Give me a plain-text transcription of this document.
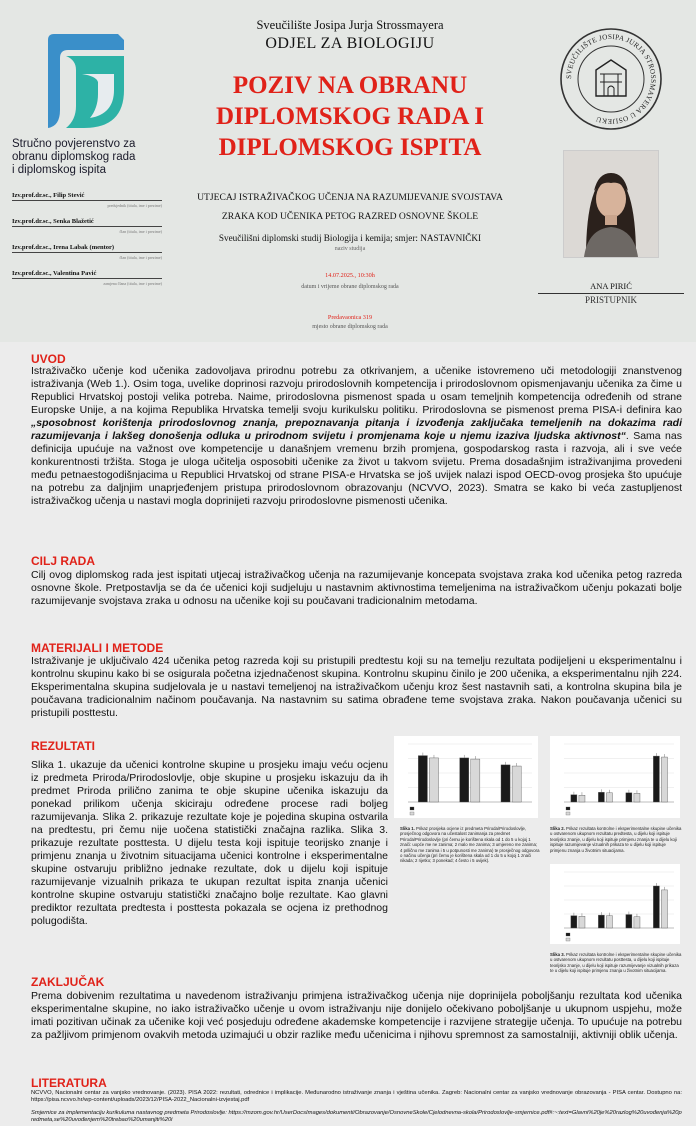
SVEUČILIŠTE JOSIPA JURJA STROSSMAYERA U OSIJEKU
Sveučilište Josipa Jurja Strossmayera
ODJEL ZA BIOLOGIJU
POZIV NA OBRANU
DIPLOMSKOG RADA I
DIPLOMSKOG ISPITA
Stručno povjerenstvo za
obranu diplomskog rada
i diplomskog ispita
Izv.prof.dr.sc., Filip Stević
predsjednik (titula, ime i prezime)
Izv.prof.dr.sc., Senka Blažetić
član (titula, ime i prezime)
Izv.prof.dr.sc., Irena Labak (mentor)
član (titula, ime i prezime)
Izv.prof.dr.sc., Valentina Pavić
zamjena člana (titula, ime i prezime)
UTJECAJ ISTRAŽIVAČKOG UČENJA NA RAZUMIJEVANJE SVOJSTAVA
ZRAKA KOD UČENIKA PETOG RAZRED OSNOVNE ŠKOLE
Sveučilišni diplomski studij Biologija i kemija; smjer: NASTAVNIČKI
naziv studija
14.07.2025., 10:30h
datum i vrijeme obrane diplomskog rada
Predavaonica 319
mjesto obrane diplomskog rada
ANA PIRIĆ
PRISTUPNIK
UVOD
Istraživačko učenje kod učenika zadovoljava prirodnu potrebu za otkrivanjem, a učenike istovremeno uči metodologiji znanstvenog istraživanja (Web 1.). Osim toga, uvelike doprinosi razvoju prirodoslovnih kompetencija i prirodoslovnom opismenjavanju učenika za čime u Republici Hrvatskoj postoji velika potreba. Naime, prirodoslovna pismenost spada u osam temeljnih kompetencija određenih od strane Europske Unije, a na kojima Republika Hrvatska temelji svoju kurikulsku politiku. Prirodoslovna se pismenost prema PISA-i definira kao „sposobnost korištenja prirodoslovnog znanja, prepoznavanja pitanja i izvođenja zaključaka temeljenih na dokazima radi razumijevanja i lakšeg donošenja odluka u prirodnom svijetu i promjenama koje u njemu izaziva ljudska aktivnost“. Sama nas definicija upućuje na važnost ove kompetencije u današnjem vremenu brzih promjena, gospodarskog rasta i razvoja, ali i sve veće konkurentnosti tržišta. Stoga je uloga učitelja osposobiti učenike za život u takvom svijetu. Prema dosadašnjim istraživanjima provedeni među petnaestogodišnjacima u Republici Hrvatskoj od strane PISA-e Hrvatska se još uvijek nalazi ispod OECD-ovog prosjeka što upućuje na potrebu za daljnjim unaprjeđenjem pristupa prirodoslovnom obrazovanju (NCVVO, 2023). Smatra se kako bi veća zastupljenost istraživačkog učenja u nastavi mogla doprinijeti razvoju prirodoslovne pismenosti učenika.
CILJ RADA
Cilj ovog diplomskog rada jest ispitati utjecaj istraživačkog učenja na razumijevanje koncepata svojstava zraka kod učenika petog razreda osnovne škole. Pretpostavlja se da će učenici koji sudjeluju u nastavnim aktivnostima temeljenima na istraživačkom učenju pokazati bolje razumijevanje svojstava zraka u odnosu na učenike koji su poučavani tradicionalnim metodama.
MATERIJALI I METODE
Istraživanje je uključivalo 424 učenika petog razreda koji su pristupili predtestu koji su na temelju rezultata podijeljeni u eksperimentalnu i kontrolnu skupinu kako bi se osigurala početna izjednačenost skupina. Kontrolnu skupinu činilo je 200 učenika, a eksperimentalnu njih 224. Eksperimentalna skupina sudjelovala je u nastavi temeljenoj na istraživačkom učenju kroz šest nastavnih sati, a kontrolna skupina bila je poučavana tradicionalnim načinom poučavanja. Na nastavnim su satima obrađene teme svojstava zraka. Nakon poučavanja učenici su pristupili posttestu.
REZULTATI
Slika 1. ukazuje da učenici kontrolne skupine u prosjeku imaju veću ocjenu iz predmeta Priroda/Prirodoslovlje, obje skupine u prosjeku iskazuju da ih predmet Priroda prilično zanima te obje skupine učenika iskazuju da ponekad prilikom učenja skiciraju određene procese radi boljeg razumijevanja. Slika 2. prikazuje rezultate koje je pojedina skupina ostvarila na predtestu, pri čemu nije uočena statistički značajna razlika. Slika 3. prikazuje rezultate posttesta. U dijelu testa koji ispituje teorijsko znanje i primjenu znanja u životnim situacijama učenici kontrolne i eksperimentalne skupine ostvaruju približno jednake rezultate, dok u dijelu koji ispituje razumijevanje vizualnih prikaza te ukupan rezultat ispita znanja učenici kontrolne skupine ostvaruju statistički značajno bolje rezultate. Kao glavni prediktor rezultata predtesta i posttesta pokazala se ocjena iz prethodnog polugodišta.
Slika 1. Prikaz prosjeka ocjene iz predmeta Priroda/Prirodoslovlje, prosječnog odgovora na učestalost zanimanja za predmet Priroda/Prirodoslovlje (pri čemu je korištena skala od 1 do 5 u kojoj 1 znači: uopće me ne zanima; 2 malo me zanima; 3 umjereno me zanima; 4 prilično me zanima i 5 u potpunosti me zanima) te prosječnog odgovora o načinu učenja (pri čemu je korištena skala od 1 do 5 u kojoj 1 znači nikada; 2 rijetko; 3 ponekad; 4 često i 5 uvijek).
Slika 2. Prikaz rezultata kontrolne i eksperimentalne skupine učenika u ostvarenom ukupnom rezultatu predtesta, u dijelu koji ispituje teorijsko znanje, u dijelu koji ispituje primjenu znanja te u dijelu koji ispituje razumijevanje vizualnih prikaza te u dijelu koji ispituje primjenu znanja u životnim situacijama.
Slika 3. Prikaz rezultata kontrolne i eksperimentalne skupine učenika u ostvarenom ukupnom rezultatu posttesta, u dijelu koji ispituje teorijsko znanje, u dijelu koji ispituje razumijevanje vizualnih prikaza te u dijelu koji ispituje primjenu znanja u životnim situacijama.
ZAKLJUČAK
Prema dobivenim rezultatima u navedenom istraživanju primjena istraživačkog učenja nije doprinijela poboljšanju rezultata kod učenika eksperimentalne skupine, no iako istraživačko učenje u ovom istraživanju nije donijelo očekivano poboljšanje u ukupnom uspjehu, može imati pozitivan učinak za učenike koji već posjeduju određene akademske kompetencije i razvijene strategije učenja. To upućuje na potrebu za pažljivom primjenom ovakvih metoda uzimajući u obzir razlike među učenicima i njihovu spremnost za samostalniji, aktivniji oblik učenja.
LITERATURA
NCVVO, Nacionalni centar za vanjsko vrednovanje. (2023). PISA 2022: rezultati, odrednice i implikacije. Međunarodno istraživanje znanja i vještina učenika. Zagreb: Nacionalni centar za vanjsko vrednovanje obrazovanja - PISA centar. Dostupno na: https://pisa.ncvvo.hr/wp-content/uploads/2023/12/PISA-2022_Nacionalni-izvjestaj.pdf
Smjernice za implementaciju kurikuluma nastavnog predmeta Prirodoslovlje: https://mzom.gov.hr/UserDocsImages/dokumenti/Obrazovanje/OsnovneSkole/Cjelodnevna-skola/Prirodoslovlje-smjernice.pdf#:~:text=Glavni%20je%20razlog%20uvođenja%20predmeta,se%20uvođenjem%20trebao%20umanjiti%20i
